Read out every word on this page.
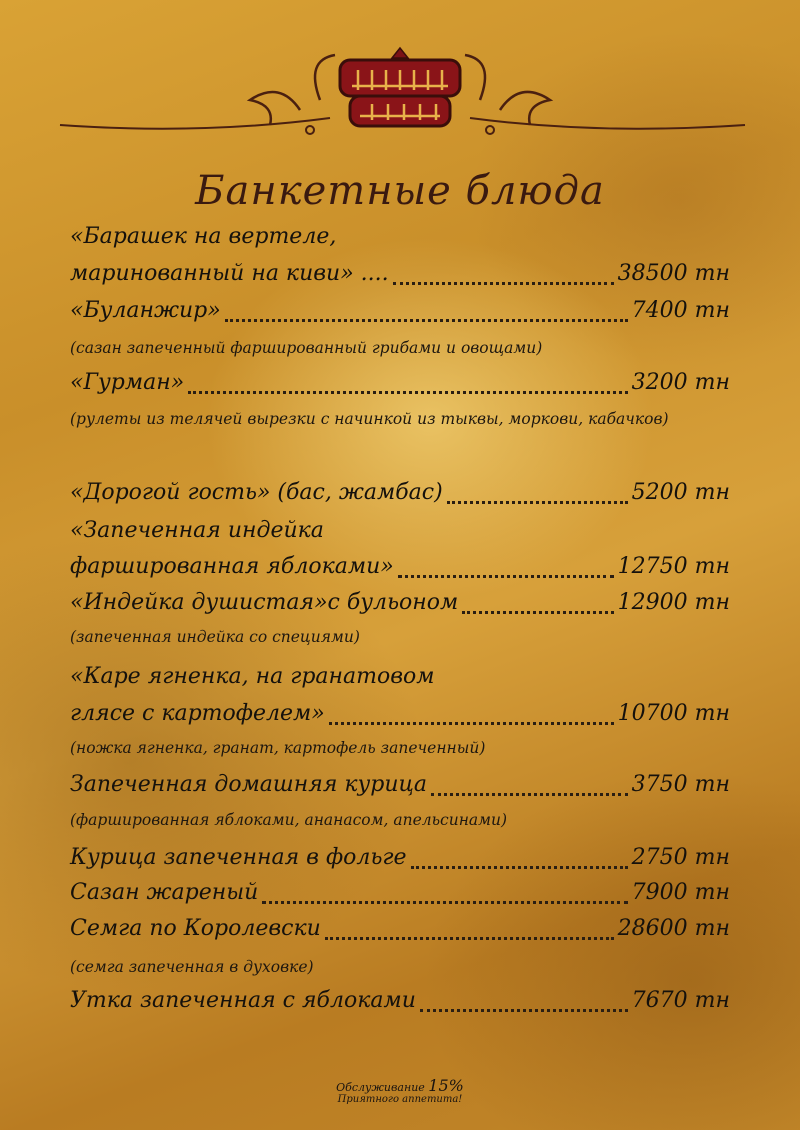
Банкетные блюда
«Барашек на вертеле,
маринованный на киви» ....	38500 тн
«Буланжир»	7400 тн
(сазан запеченный фаршированный грибами и овощами)
«Гурман»	3200 тн
(рулеты из телячей вырезки с начинкой из тыквы, моркови, кабачков)
«Дорогой гость» (бас, жамбас)	5200 тн
«Запеченная индейка
фаршированная яблоками»	12750 тн
«Индейка душистая»с бульоном	12900 тн
(запеченная индейка со специями)
«Каре ягненка, на гранатовом
глясе с картофелем»	10700 тн
(ножка ягненка, гранат, картофель запеченный)
Запеченная домашняя курица	3750 тн
(фаршированная яблоками, ананасом, апельсинами)
Курица запеченная в фольге	2750 тн
Сазан жареный	7900 тн
Семга по Королевски	28600 тн
(семга запеченная в духовке)
Утка запеченная с яблоками	7670 тн
Обслуживание 15%
Приятного аппетита!
